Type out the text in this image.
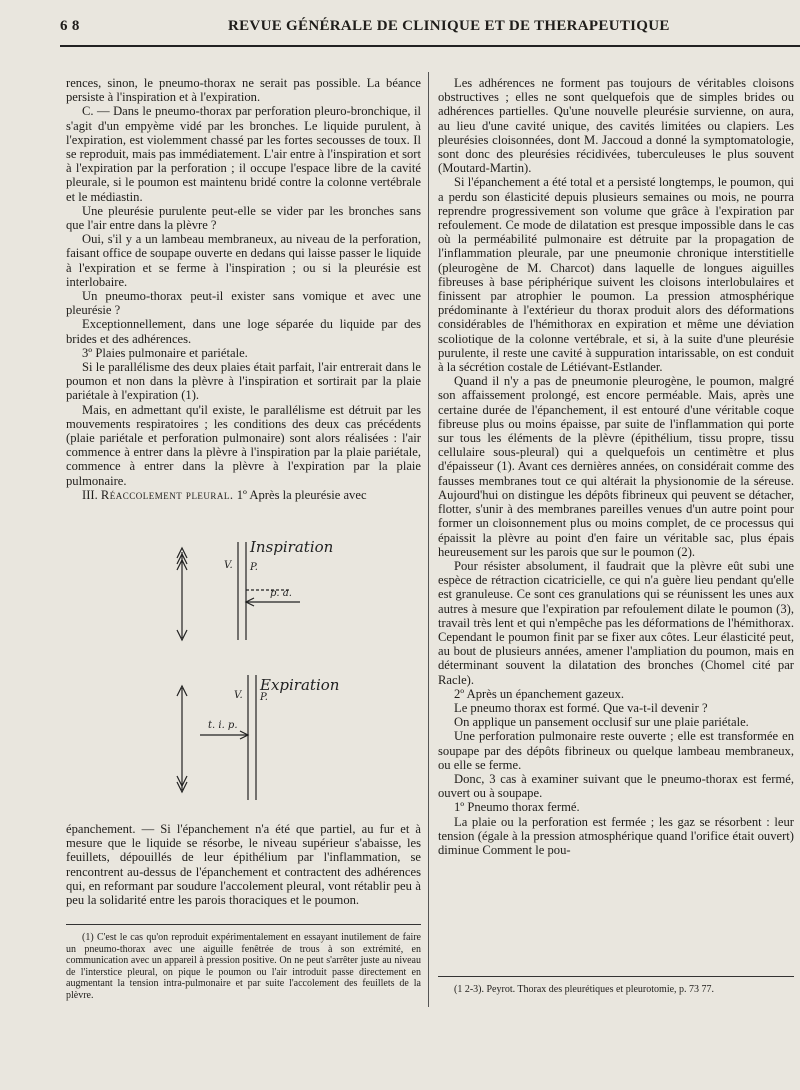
6 8	REVUE GÉNÉRALE DE CLINIQUE ET DE THERAPEUTIQUE

rences, sinon, le pneumo-thorax ne serait pas possible. La béance persiste à l'inspiration et à l'expiration.

C. — Dans le pneumo-thorax par perforation pleuro-bronchique, il s'agit d'un empyème vidé par les bronches. Le liquide purulent, à l'expiration, est violemment chassé par les fortes secousses de toux. Il se reproduit, mais pas immédiatement. L'air entre à l'inspiration et sort à l'expiration par la perforation ; il occupe l'espace libre de la cavité pleurale, si le poumon est maintenu bridé contre la colonne vertébrale et le médiastin.

Une pleurésie purulente peut-elle se vider par les bronches sans que l'air entre dans la plèvre ?

Oui, s'il y a un lambeau membraneux, au niveau de la perforation, faisant office de soupape ouverte en dedans qui laisse passer le liquide à l'expiration et se ferme à l'inspiration ; ou si la pleurésie est interlobaire.

Un pneumo-thorax peut-il exister sans vomique et avec une pleurésie ?

Exceptionnellement, dans une loge séparée du liquide par des brides et des adhérences.

3º Plaies pulmonaire et pariétale.

Si le parallélisme des deux plaies était parfait, l'air entrerait dans le poumon et non dans la plèvre à l'inspiration et sortirait par la plaie pariétale à l'expiration (1).

Mais, en admettant qu'il existe, le parallélisme est détruit par les mouvements respiratoires ; les conditions des deux cas précédents (plaie pariétale et perforation pulmonaire) sont alors réalisées : l'air commence à entrer dans la plèvre à l'inspiration par la plaie pariétale, commence à entrer dans la plèvre à l'expiration par la plaie pulmonaire.

III. Réaccolement pleural. 1º Après la pleurésie avec

Inspiration
V. P.
p. a.
Expiration
V. P.
t. i. p.

épanchement. — Si l'épanchement n'a été que partiel, au fur et à mesure que le liquide se résorbe, le niveau supérieur s'abaisse, les feuillets, dépouillés de leur épithélium par l'inflammation, se rencontrent au-dessus de l'épanchement et contractent des adhérences qui, en reformant par soudure l'accolement pleural, vont rétablir peu à peu la solidarité entre les parois thoraciques et le poumon.

(1) C'est le cas qu'on reproduit expérimentalement en essayant inutilement de faire un pneumo-thorax avec une aiguille fenêtrée de trous à son extrémité, en communication avec un appareil à pression positive. On ne peut s'arrêter juste au niveau de l'interstice pleural, on pique le poumon ou l'air introduit passe directement en augmentant la tension intra-pulmonaire et par suite l'accolement des feuillets de la plèvre.

Les adhérences ne forment pas toujours de véritables cloisons obstructives ; elles ne sont quelquefois que de simples brides ou adhérences partielles. Qu'une nouvelle pleurésie survienne, on aura, au lieu d'une cavité unique, des cavités limitées ou clapiers. Les pleurésies cloisonnées, dont M. Jaccoud a donné la symptomatologie, sont donc des pleurésies récidivées, tuberculeuses le plus souvent (Moutard-Martin).

Si l'épanchement a été total et a persisté longtemps, le poumon, qui a perdu son élasticité depuis plusieurs semaines ou mois, ne pourra reprendre progressivement son volume que grâce à l'expiration par refoulement. Ce mode de dilatation est presque impossible dans le cas où la perméabilité pulmonaire est détruite par la propagation de l'inflammation pleurale, par une pneumonie chronique interstitielle (pleurogène de M. Charcot) dans laquelle de longues aiguilles fibreuses à base périphérique suivent les cloisons interlobulaires et finissent par atrophier le poumon. La pression atmosphérique prédominante à l'extérieur du thorax produit alors des déformations considérables de l'hémithorax en expiration et même une déviation scoliotique de la colonne vertébrale, et si, à la suite d'une pleurésie purulente, il reste une cavité à suppuration intarissable, on est conduit à la sécrétion costale de Létiévant-Estlander.

Quand il n'y a pas de pneumonie pleurogène, le poumon, malgré son affaissement prolongé, est encore perméable. Mais, après une certaine durée de l'épanchement, il est entouré d'une véritable coque fibreuse plus ou moins épaisse, par suite de l'inflammation qui porte sur tous les éléments de la plèvre (épithélium, tissu propre, tissu cellulaire sous-pleural) qui a quelquefois un centimètre et plus d'épaisseur (1). Avant ces dernières années, on considérait comme des fausses membranes tout ce qui altérait la physionomie de la séreuse. Aujourd'hui on distingue les dépôts fibrineux qui peuvent se détacher, flotter, s'unir à des membranes pareilles venues d'un autre point pour former un cloisonnement plus ou moins complet, de ce processus qui épaissit la plèvre au point d'en faire un véritable sac, plus épais heureusement sur les parois que sur le poumon (2).

Pour résister absolument, il faudrait que la plèvre eût subi une espèce de rétraction cicatricielle, ce qui n'a guère lieu pendant qu'elle est granuleuse. Ce sont ces granulations qui se réunissent les unes aux autres à mesure que l'expiration par refoulement dilate le poumon (3), travail très lent et qui n'empêche pas les déformations de l'hémithorax. Cependant le poumon finit par se fixer aux côtes. Leur élasticité peut, au bout de plusieurs années, amener l'ampliation du poumon, mais en déterminant souvent la dilatation des bronches (Chomel cité par Racle).

2º Après un épanchement gazeux.

Le pneumo thorax est formé. Que va-t-il devenir ?

On applique un pansement occlusif sur une plaie pariétale.

Une perforation pulmonaire reste ouverte ; elle est transformée en soupape par des dépôts fibrineux ou quelque lambeau membraneux, ou elle se ferme.

Donc, 3 cas à examiner suivant que le pneumo-thorax est fermé, ouvert ou à soupape.

1º Pneumo thorax fermé.

La plaie ou la perforation est fermée ; les gaz se résorbent : leur tension (égale à la pression atmosphérique quand l'orifice était ouvert) diminue Comment le pou-

(1 2-3). Peyrot. Thorax des pleurétiques et pleurotomie, p. 73 77.
